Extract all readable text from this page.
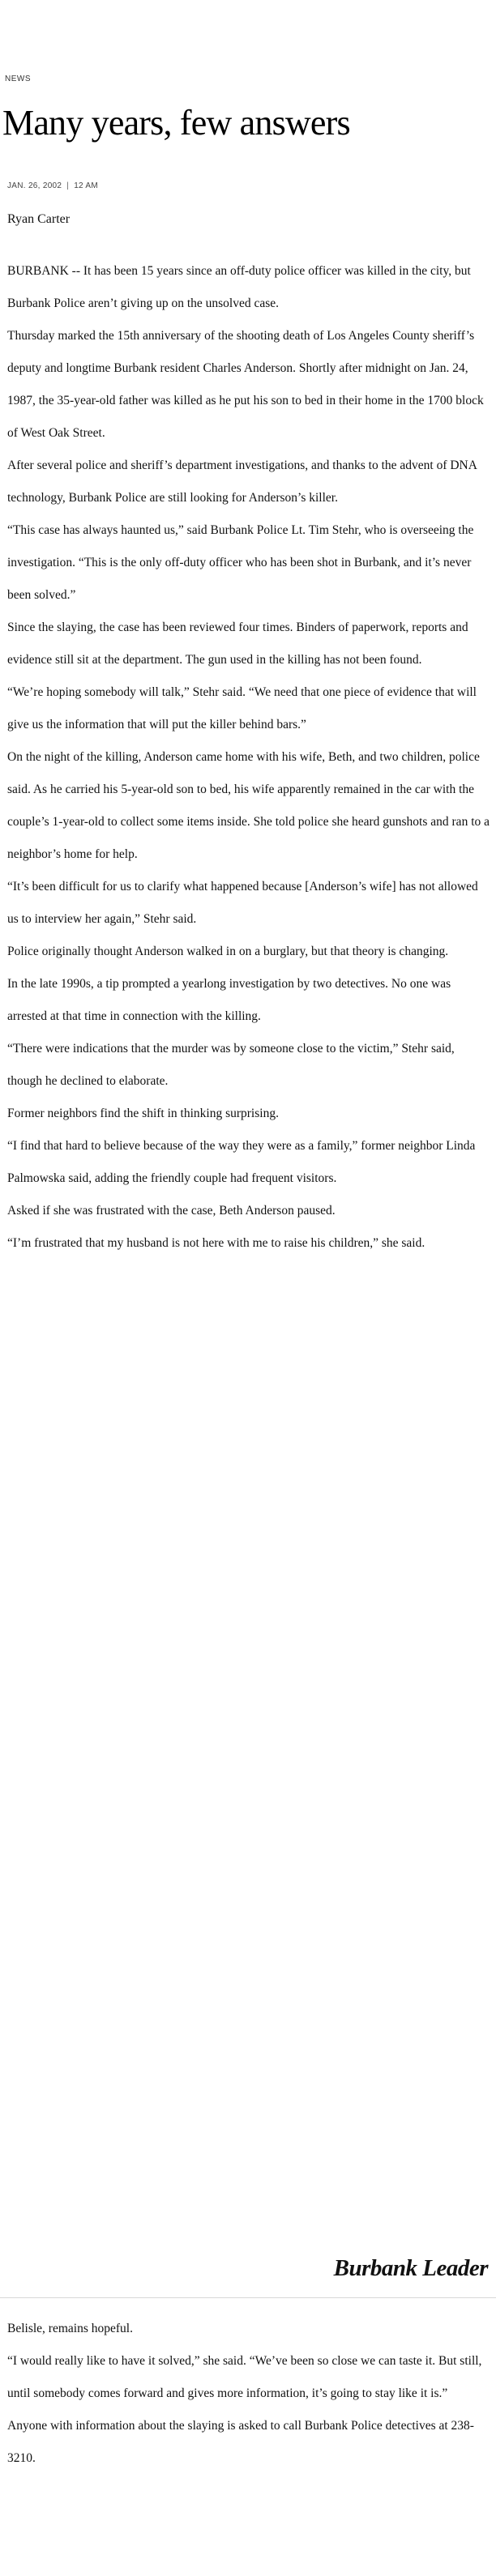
NEWS
Many years, few answers
JAN. 26, 2002 | 12 AM
Ryan Carter

BURBANK -- It has been 15 years since an off-duty police officer was killed in the city, but Burbank Police aren’t giving up on the unsolved case.

Thursday marked the 15th anniversary of the shooting death of Los Angeles County sheriff’s deputy and longtime Burbank resident Charles Anderson. Shortly after midnight on Jan. 24, 1987, the 35-year-old father was killed as he put his son to bed in their home in the 1700 block of West Oak Street.

After several police and sheriff’s department investigations, and thanks to the advent of DNA technology, Burbank Police are still looking for Anderson’s killer.

“This case has always haunted us,” said Burbank Police Lt. Tim Stehr, who is overseeing the investigation. “This is the only off-duty officer who has been shot in Burbank, and it’s never been solved.”

Since the slaying, the case has been reviewed four times. Binders of paperwork, reports and evidence still sit at the department. The gun used in the killing has not been found.

“We’re hoping somebody will talk,” Stehr said. “We need that one piece of evidence that will give us the information that will put the killer behind bars.”

On the night of the killing, Anderson came home with his wife, Beth, and two children, police said. As he carried his 5-year-old son to bed, his wife apparently remained in the car with the couple’s 1-year-old to collect some items inside. She told police she heard gunshots and ran to a neighbor’s home for help.

“It’s been difficult for us to clarify what happened because [Anderson’s wife] has not allowed us to interview her again,” Stehr said.

Police originally thought Anderson walked in on a burglary, but that theory is changing.

In the late 1990s, a tip prompted a yearlong investigation by two detectives. No one was arrested at that time in connection with the killing.

“There were indications that the murder was by someone close to the victim,” Stehr said, though he declined to elaborate.

Former neighbors find the shift in thinking surprising.

“I find that hard to believe because of the way they were as a family,” former neighbor Linda Palmowska said, adding the friendly couple had frequent visitors.

Asked if she was frustrated with the case, Beth Anderson paused.

“I’m frustrated that my husband is not here with me to raise his children,” she said.

Burbank Leader

Belisle, remains hopeful.

“I would really like to have it solved,” she said. “We’ve been so close we can taste it. But still, until somebody comes forward and gives more information, it’s going to stay like it is.”

Anyone with information about the slaying is asked to call Burbank Police detectives at 238-3210.
